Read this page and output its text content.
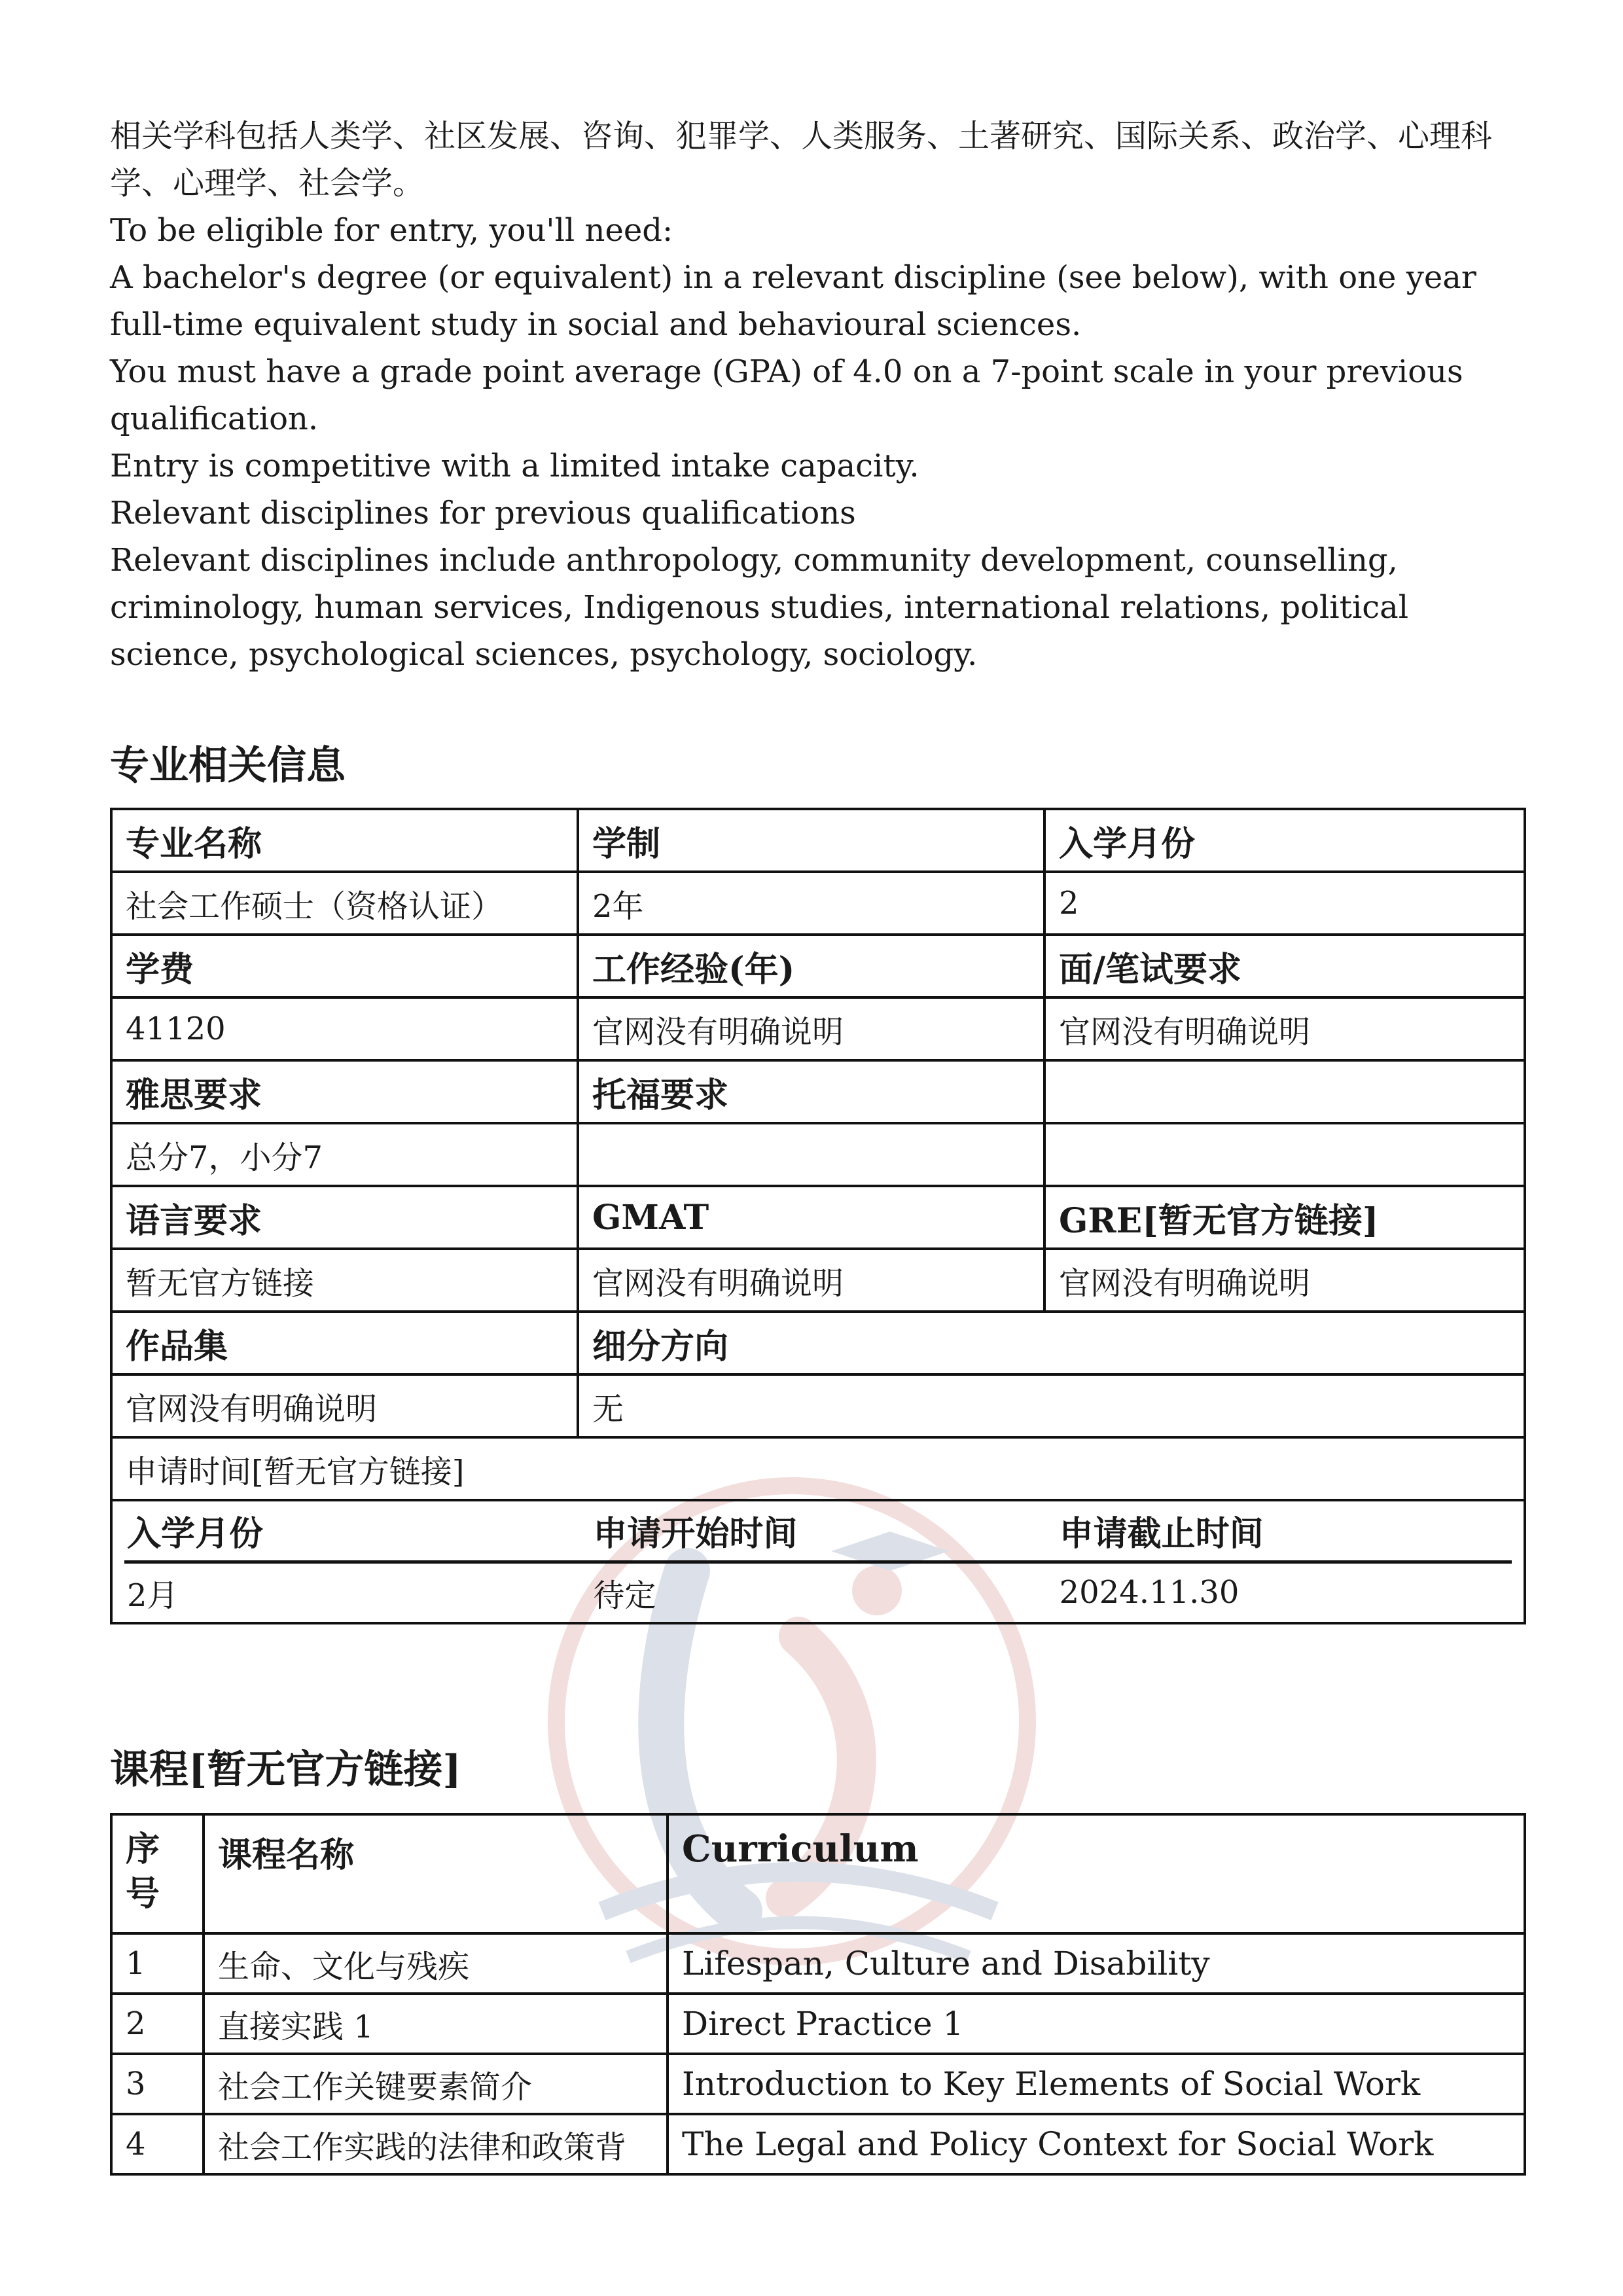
相关学科包括人类学、社区发展、咨询、犯罪学、人类服务、土著研究、国际关系、政治学、心理科学、心理学、社会学。

To be eligible for entry, you'll need:

A bachelor's degree (or equivalent) in a relevant discipline (see below), with one year full-time equivalent study in social and behavioural sciences.

You must have a grade point average (GPA) of 4.0 on a 7-point scale in your previous qualification.

Entry is competitive with a limited intake capacity.

Relevant disciplines for previous qualifications

Relevant disciplines include anthropology, community development, counselling, criminology, human services, Indigenous studies, international relations, political science, psychological sciences, psychology, sociology.

专业相关信息
专业名称	学制	入学月份
社会工作硕士（资格认证）	2年	2
学费	工作经验(年)	面/笔试要求
41120	官网没有明确说明	官网没有明确说明
雅思要求	托福要求	
总分7，小分7		
语言要求	GMAT	GRE[暂无官方链接]
暂无官方链接	官网没有明确说明	官网没有明确说明
作品集	细分方向
官网没有明确说明	无
申请时间[暂无官方链接]

入学月份	申请开始时间	申请截止时间
2月	待定	2024.11.30
课程[暂无官方链接]
序号	课程名称	Curriculum
1	生命、文化与残疾	Lifespan, Culture and Disability
2	直接实践 1	Direct Practice 1
3	社会工作关键要素简介	Introduction to Key Elements of Social Work
4	社会工作实践的法律和政策背	The Legal and Policy Context for Social Work
